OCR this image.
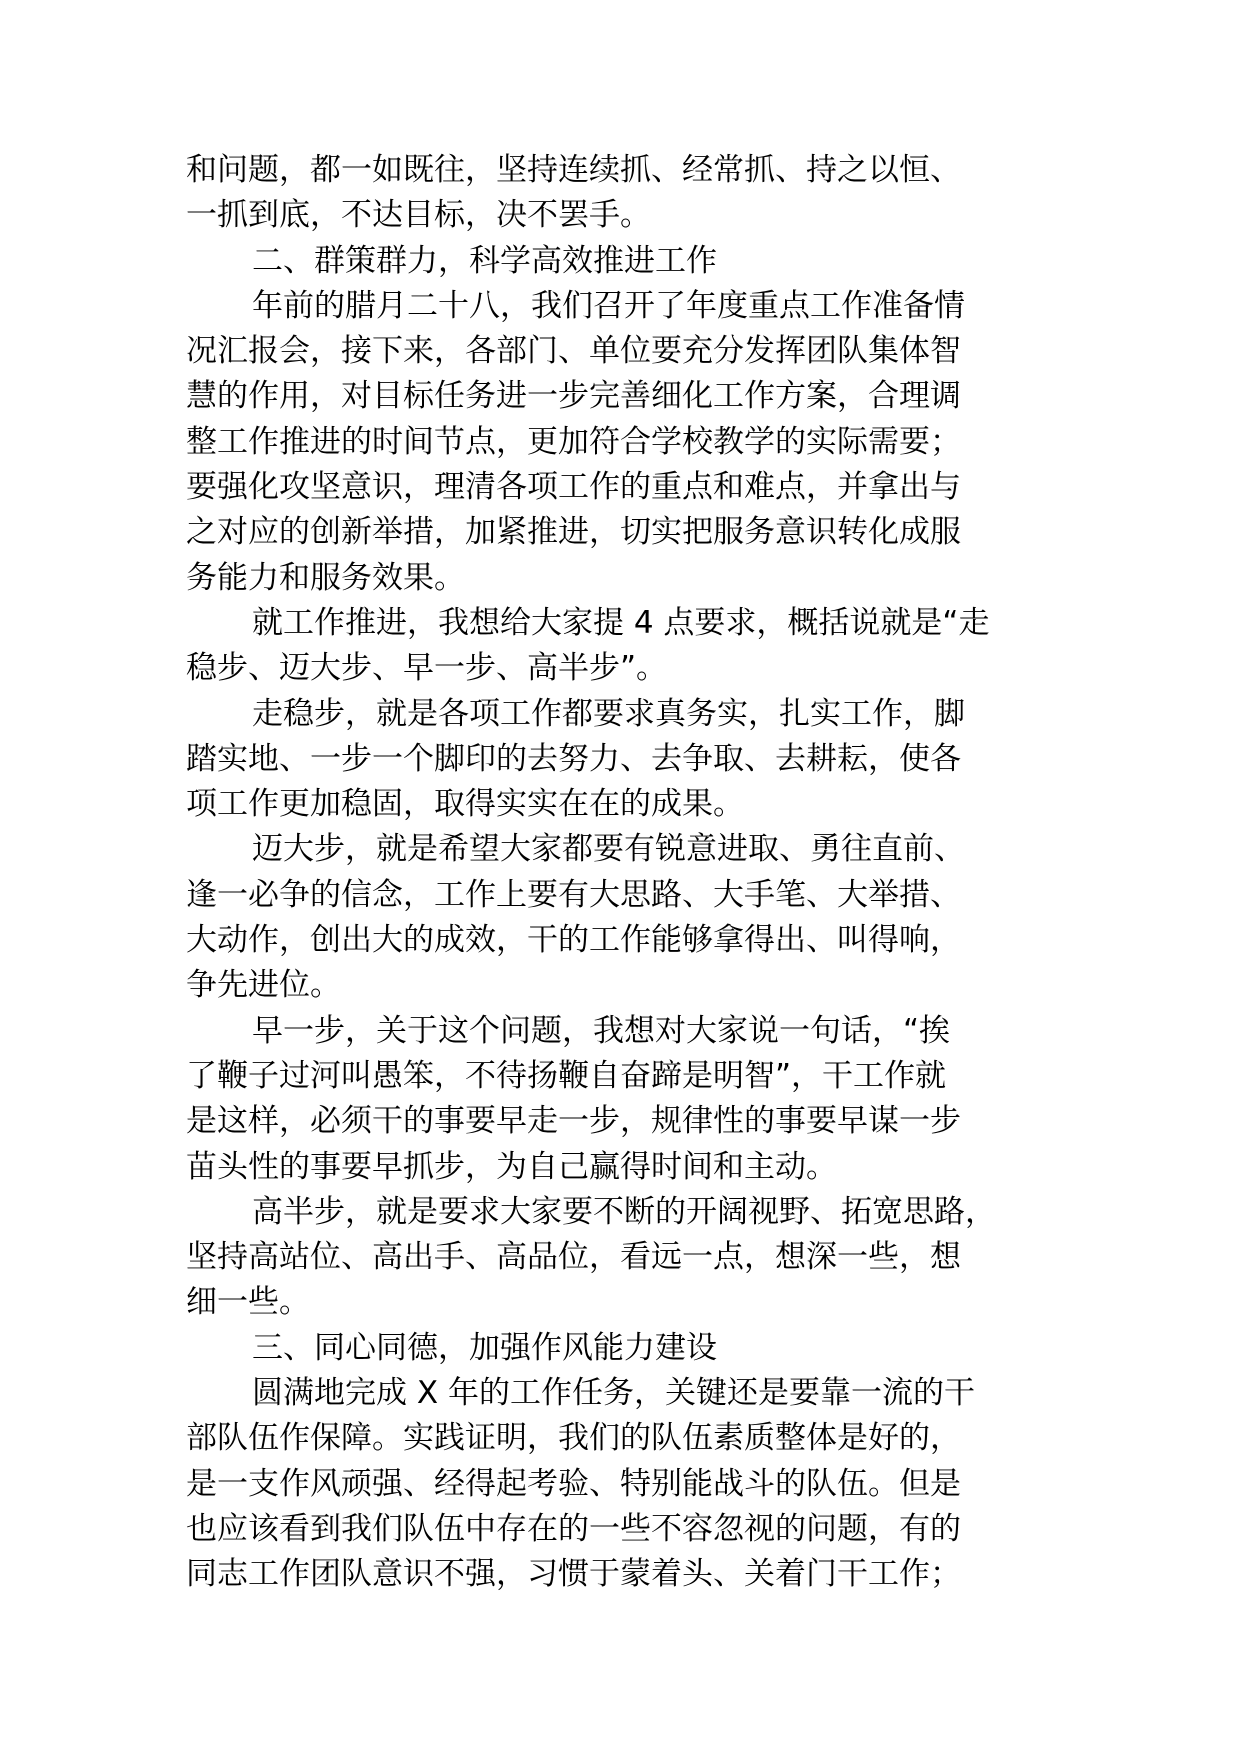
和问题，都一如既往，坚持连续抓、经常抓、持之以恒、
一抓到底，不达目标，决不罢手。
二、群策群力，科学高效推进工作
年前的腊月二十八，我们召开了年度重点工作准备情
况汇报会，接下来，各部门、单位要充分发挥团队集体智
慧的作用，对目标任务进一步完善细化工作方案，合理调
整工作推进的时间节点，更加符合学校教学的实际需要；
要强化攻坚意识，理清各项工作的重点和难点，并拿出与
之对应的创新举措，加紧推进，切实把服务意识转化成服
务能力和服务效果。
就工作推进，我想给大家提 4 点要求，概括说就是“走
稳步、迈大步、早一步、高半步”。
走稳步，就是各项工作都要求真务实，扎实工作，脚
踏实地、一步一个脚印的去努力、去争取、去耕耘，使各
项工作更加稳固，取得实实在在的成果。
迈大步，就是希望大家都要有锐意进取、勇往直前、
逢一必争的信念，工作上要有大思路、大手笔、大举措、
大动作，创出大的成效，干的工作能够拿得出、叫得响，
争先进位。
早一步，关于这个问题，我想对大家说一句话，“挨
了鞭子过河叫愚笨，不待扬鞭自奋蹄是明智”，干工作就
是这样，必须干的事要早走一步，规律性的事要早谋一步
苗头性的事要早抓步，为自己赢得时间和主动。
高半步，就是要求大家要不断的开阔视野、拓宽思路，
坚持高站位、高出手、高品位，看远一点，想深一些，想
细一些。
三、同心同德，加强作风能力建设
圆满地完成 X 年的工作任务，关键还是要靠一流的干
部队伍作保障。实践证明，我们的队伍素质整体是好的，
是一支作风顽强、经得起考验、特别能战斗的队伍。但是
也应该看到我们队伍中存在的一些不容忽视的问题，有的
同志工作团队意识不强，习惯于蒙着头、关着门干工作；
